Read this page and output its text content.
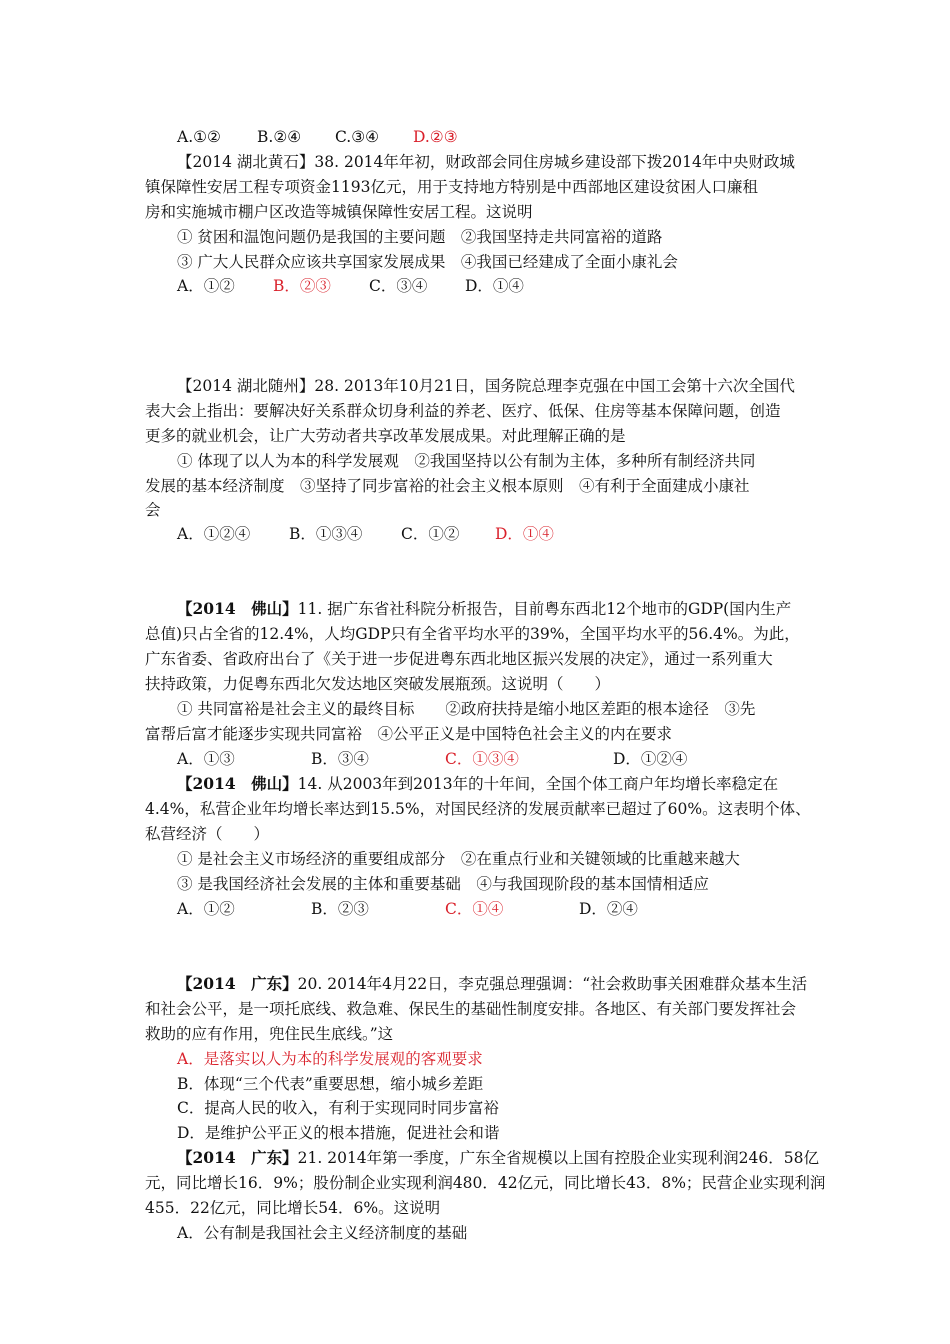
A.①② B.②④ C.③④ D.②③
【2014 湖北黄石】38. 2014年年初，财政部会同住房城乡建设部下拨2014年中央财政城
镇保障性安居工程专项资金1193亿元，用于支持地方特别是中西部地区建设贫困人口廉租
房和实施城市棚户区改造等城镇保障性安居工程。这说明
① 贫困和温饱问题仍是我国的主要问题　②我国坚持走共同富裕的道路
③ 广大人民群众应该共享国家发展成果　④我国已经建成了全面小康礼会
A．①② B．②③ C．③④ D．①④
【2014 湖北随州】28. 2013年10月21日，国务院总理李克强在中国工会第十六次全国代
表大会上指出：要解决好关系群众切身利益的养老、医疗、低保、住房等基本保障问题，创造
更多的就业机会，让广大劳动者共享改革发展成果。对此理解正确的是
① 体现了以人为本的科学发展观　②我国坚持以公有制为主体，多种所有制经济共同
发展的基本经济制度　③坚持了同步富裕的社会主义根本原则　④有利于全面建成小康社
会
A．①②④	B．①③④ C．①② D．①④
【2014　佛山】11. 据广东省社科院分析报告，目前粤东西北12个地市的GDP(国内生产
总值)只占全省的12.4%，人均GDP只有全省平均水平的39%，全国平均水平的56.4%。为此，
广东省委、省政府出台了《关于进一步促进粤东西北地区振兴发展的决定》，通过一系列重大
扶持政策，力促粤东西北欠发达地区突破发展瓶颈。这说明（　　）
① 共同富裕是社会主义的最终目标　　②政府扶持是缩小地区差距的根本途径　③先
富帮后富才能逐步实现共同富裕　④公平正义是中国特色社会主义的内在要求
A．①③	B．③④	C．①③④	D．①②④
【2014　佛山】14. 从2003年到2013年的十年间，全国个体工商户年均增长率稳定在
4.4%，私营企业年均增长率达到15.5%，对国民经济的发展贡献率已超过了60%。这表明个体、
私营经济（　　）
① 是社会主义市场经济的重要组成部分　②在重点行业和关键领域的比重越来越大
③ 是我国经济社会发展的主体和重要基础　④与我国现阶段的基本国情相适应
A．①②	B．②③	C．①④	D．②④
【2014　广东】20. 2014年4月22日，李克强总理强调：“社会救助事关困难群众基本生活
和社会公平，是一项托底线、救急难、保民生的基础性制度安排。各地区、有关部门要发挥社会
救助的应有作用，兜住民生底线。”这
A．是落实以人为本的科学发展观的客观要求
B．体现“三个代表”重要思想，缩小城乡差距
C．提高人民的收入，有利于实现同时同步富裕
D．是维护公平正义的根本措施，促进社会和谐
【2014　广东】21. 2014年第一季度，广东全省规模以上国有控股企业实现利润246．58亿
元，同比增长16．9%；股份制企业实现利润480．42亿元，同比增长43．8%；民营企业实现利润
455．22亿元，同比增长54．6%。这说明
A．公有制是我国社会主义经济制度的基础
